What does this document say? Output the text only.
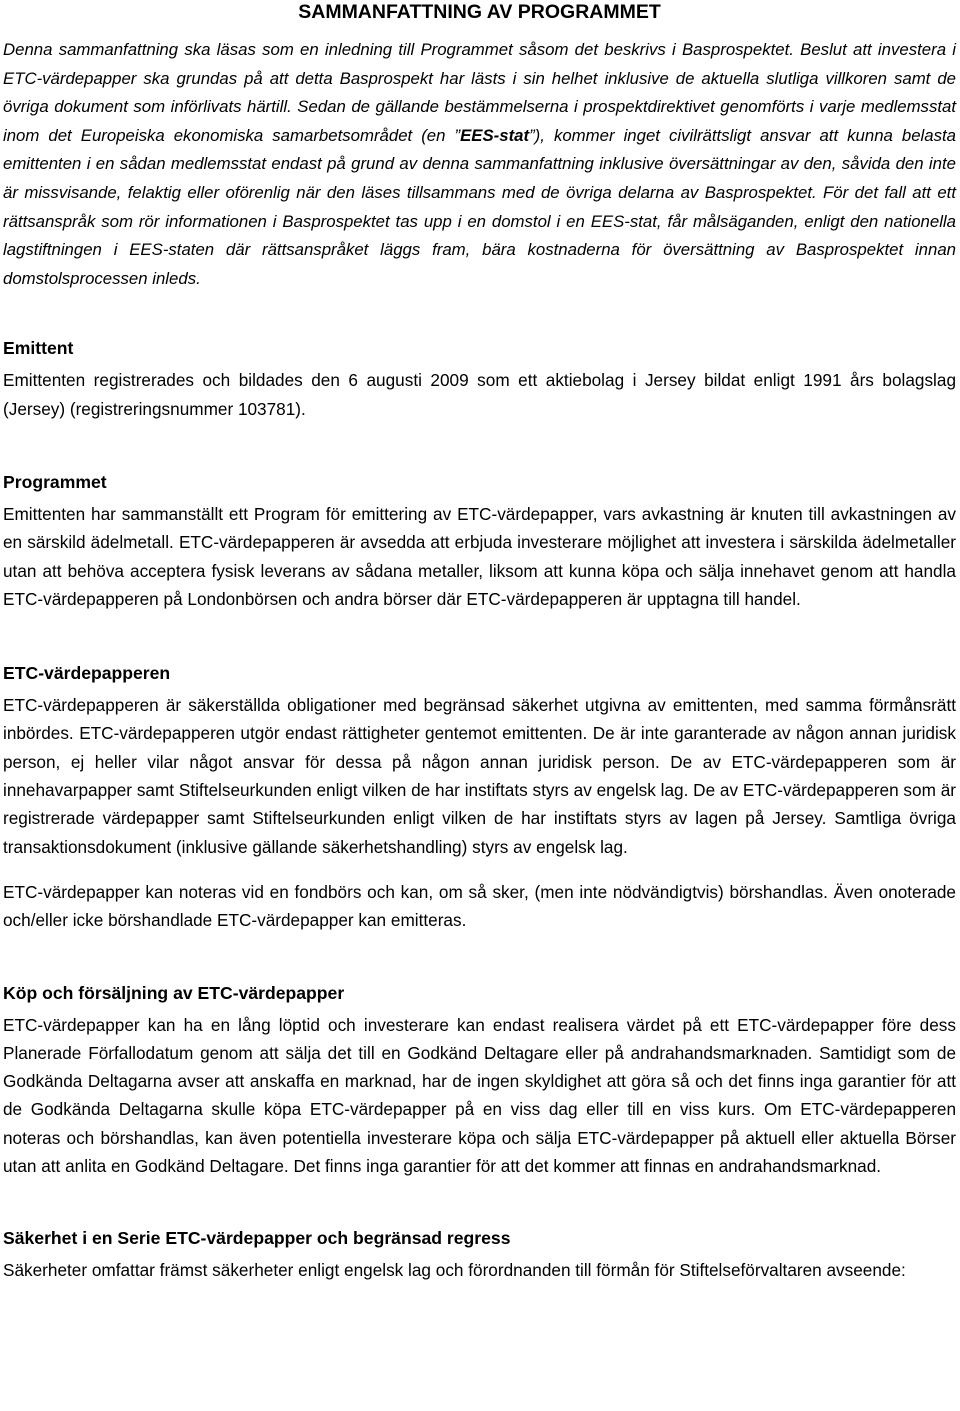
SAMMANFATTNING AV PROGRAMMET

Denna sammanfattning ska läsas som en inledning till Programmet såsom det beskrivs i Basprospektet. Beslut att investera i ETC-värdepapper ska grundas på att detta Basprospekt har lästs i sin helhet inklusive de aktuella slutliga villkoren samt de övriga dokument som införlivats härtill. Sedan de gällande bestämmelserna i prospektdirektivet genomförts i varje medlemsstat inom det Europeiska ekonomiska samarbetsområdet (en ”EES-stat”), kommer inget civilrättsligt ansvar att kunna belasta emittenten i en sådan medlemsstat endast på grund av denna sammanfattning inklusive översättningar av den, såvida den inte är missvisande, felaktig eller oförenlig när den läses tillsammans med de övriga delarna av Basprospektet. För det fall att ett rättsanspråk som rör informationen i Basprospektet tas upp i en domstol i en EES-stat, får målsäganden, enligt den nationella lagstiftningen i EES-staten där rättsanspråket läggs fram, bära kostnaderna för översättning av Basprospektet innan domstolsprocessen inleds.

Emittent

Emittenten registrerades och bildades den 6 augusti 2009 som ett aktiebolag i Jersey bildat enligt 1991 års bolagslag (Jersey) (registreringsnummer 103781).

Programmet

Emittenten har sammanställt ett Program för emittering av ETC-värdepapper, vars avkastning är knuten till avkastningen av en särskild ädelmetall. ETC-värdepapperen är avsedda att erbjuda investerare möjlighet att investera i särskilda ädelmetaller utan att behöva acceptera fysisk leverans av sådana metaller, liksom att kunna köpa och sälja innehavet genom att handla ETC-värdepapperen på Londonbörsen och andra börser där ETC-värdepapperen är upptagna till handel.

ETC-värdepapperen

ETC-värdepapperen är säkerställda obligationer med begränsad säkerhet utgivna av emittenten, med samma förmånsrätt inbördes. ETC-värdepapperen utgör endast rättigheter gentemot emittenten. De är inte garanterade av någon annan juridisk person, ej heller vilar något ansvar för dessa på någon annan juridisk person. De av ETC-värdepapperen som är innehavarpapper samt Stiftelseurkunden enligt vilken de har instiftats styrs av engelsk lag. De av ETC-värdepapperen som är registrerade värdepapper samt Stiftelseurkunden enligt vilken de har instiftats styrs av lagen på Jersey. Samtliga övriga transaktionsdokument (inklusive gällande säkerhetshandling) styrs av engelsk lag.

ETC-värdepapper kan noteras vid en fondbörs och kan, om så sker, (men inte nödvändigtvis) börshandlas. Även onoterade och/eller icke börshandlade ETC-värdepapper kan emitteras.

Köp och försäljning av ETC-värdepapper

ETC-värdepapper kan ha en lång löptid och investerare kan endast realisera värdet på ett ETC-värdepapper före dess Planerade Förfallodatum genom att sälja det till en Godkänd Deltagare eller på andrahandsmarknaden. Samtidigt som de Godkända Deltagarna avser att anskaffa en marknad, har de ingen skyldighet att göra så och det finns inga garantier för att de Godkända Deltagarna skulle köpa ETC-värdepapper på en viss dag eller till en viss kurs. Om ETC-värdepapperen noteras och börshandlas, kan även potentiella investerare köpa och sälja ETC-värdepapper på aktuell eller aktuella Börser utan att anlita en Godkänd Deltagare. Det finns inga garantier för att det kommer att finnas en andrahandsmarknad.

Säkerhet i en Serie ETC-värdepapper och begränsad regress

Säkerheter omfattar främst säkerheter enligt engelsk lag och förordnanden till förmån för Stiftelseförvaltaren avseende:
